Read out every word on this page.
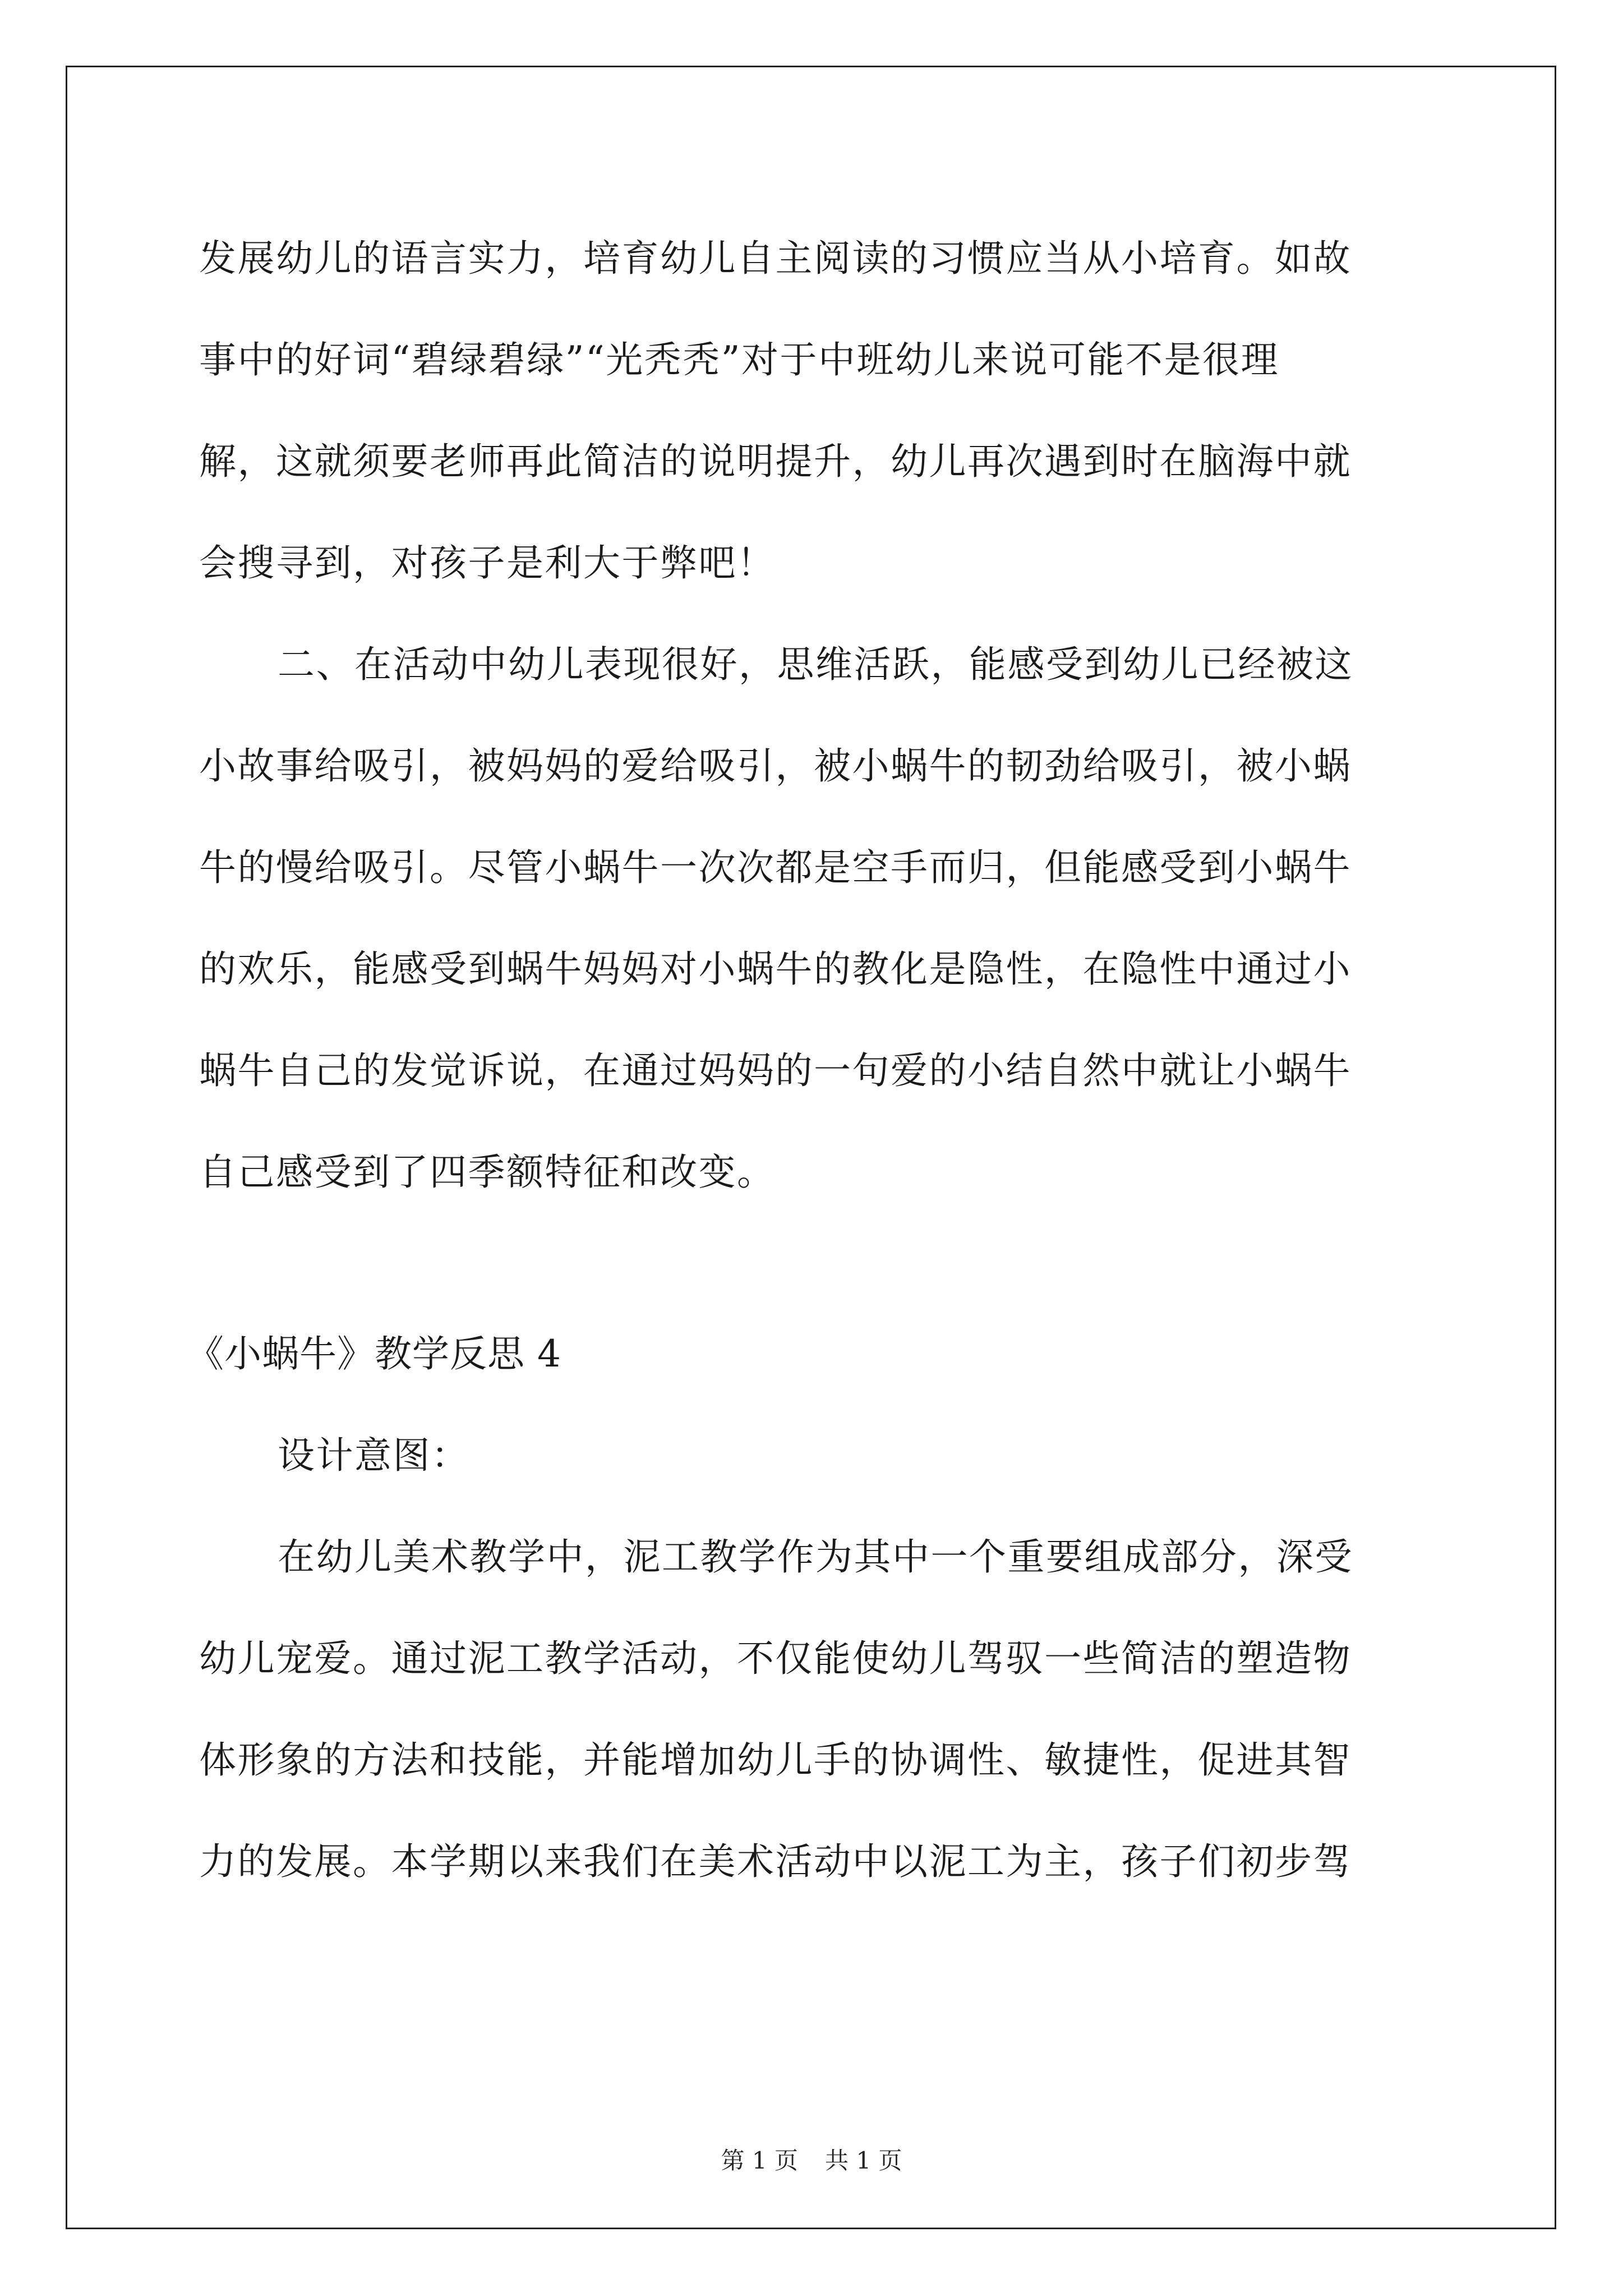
发展幼儿的语言实力，培育幼儿自主阅读的习惯应当从小培育。如故
事中的好词“碧绿碧绿”“光秃秃”对于中班幼儿来说可能不是很理
解，这就须要老师再此简洁的说明提升，幼儿再次遇到时在脑海中就
会搜寻到，对孩子是利大于弊吧！
二、在活动中幼儿表现很好，思维活跃，能感受到幼儿已经被这
小故事给吸引，被妈妈的爱给吸引，被小蜗牛的韧劲给吸引，被小蜗
牛的慢给吸引。尽管小蜗牛一次次都是空手而归，但能感受到小蜗牛
的欢乐，能感受到蜗牛妈妈对小蜗牛的教化是隐性，在隐性中通过小
蜗牛自己的发觉诉说，在通过妈妈的一句爱的小结自然中就让小蜗牛
自己感受到了四季额特征和改变。
《小蜗牛》教学反思 4
设计意图：
在幼儿美术教学中，泥工教学作为其中一个重要组成部分，深受
幼儿宠爱。通过泥工教学活动，不仅能使幼儿驾驭一些简洁的塑造物
体形象的方法和技能，并能增加幼儿手的协调性、敏捷性，促进其智
力的发展。本学期以来我们在美术活动中以泥工为主，孩子们初步驾
第 1 页 共 1 页
